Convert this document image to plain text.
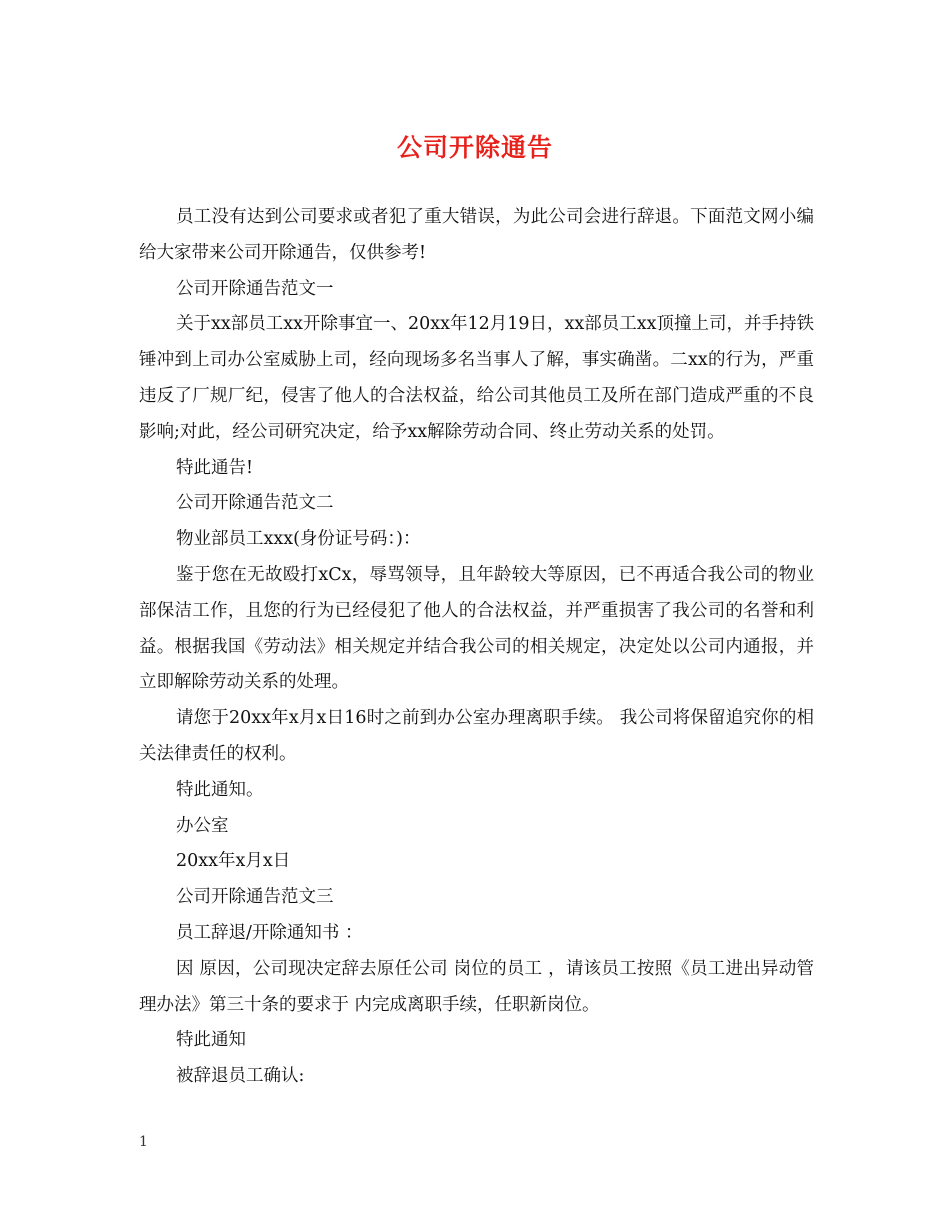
公司开除通告

员工没有达到公司要求或者犯了重大错误，为此公司会进行辞退。下面范文网小编给大家带来公司开除通告，仅供参考!

公司开除通告范文一

关于xx部员工xx开除事宜一、20xx年12月19日，xx部员工xx顶撞上司，并手持铁锤冲到上司办公室威胁上司，经向现场多名当事人了解，事实确凿。二xx的行为，严重违反了厂规厂纪，侵害了他人的合法权益，给公司其他员工及所在部门造成严重的不良影响;对此，经公司研究决定，给予xx解除劳动合同、终止劳动关系的处罚。

特此通告!

公司开除通告范文二

物业部员工xxx(身份证号码：)：

鉴于您在无故殴打xCx，辱骂领导，且年龄较大等原因，已不再适合我公司的物业部保洁工作，且您的行为已经侵犯了他人的合法权益，并严重损害了我公司的名誉和利益。根据我国《劳动法》相关规定并结合我公司的相关规定，决定处以公司内通报，并立即解除劳动关系的处理。

请您于20xx年x月x日16时之前到办公室办理离职手续。 我公司将保留追究你的相关法律责任的权利。

特此通知。

办公室

20xx年x月x日

公司开除通告范文三

员工辞退/开除通知书 ：

因 原因，公司现决定辞去原任公司 岗位的员工 ，请该员工按照《员工进出异动管理办法》第三十条的要求于 内完成离职手续，任职新岗位。

特此通知

被辞退员工确认:

1
